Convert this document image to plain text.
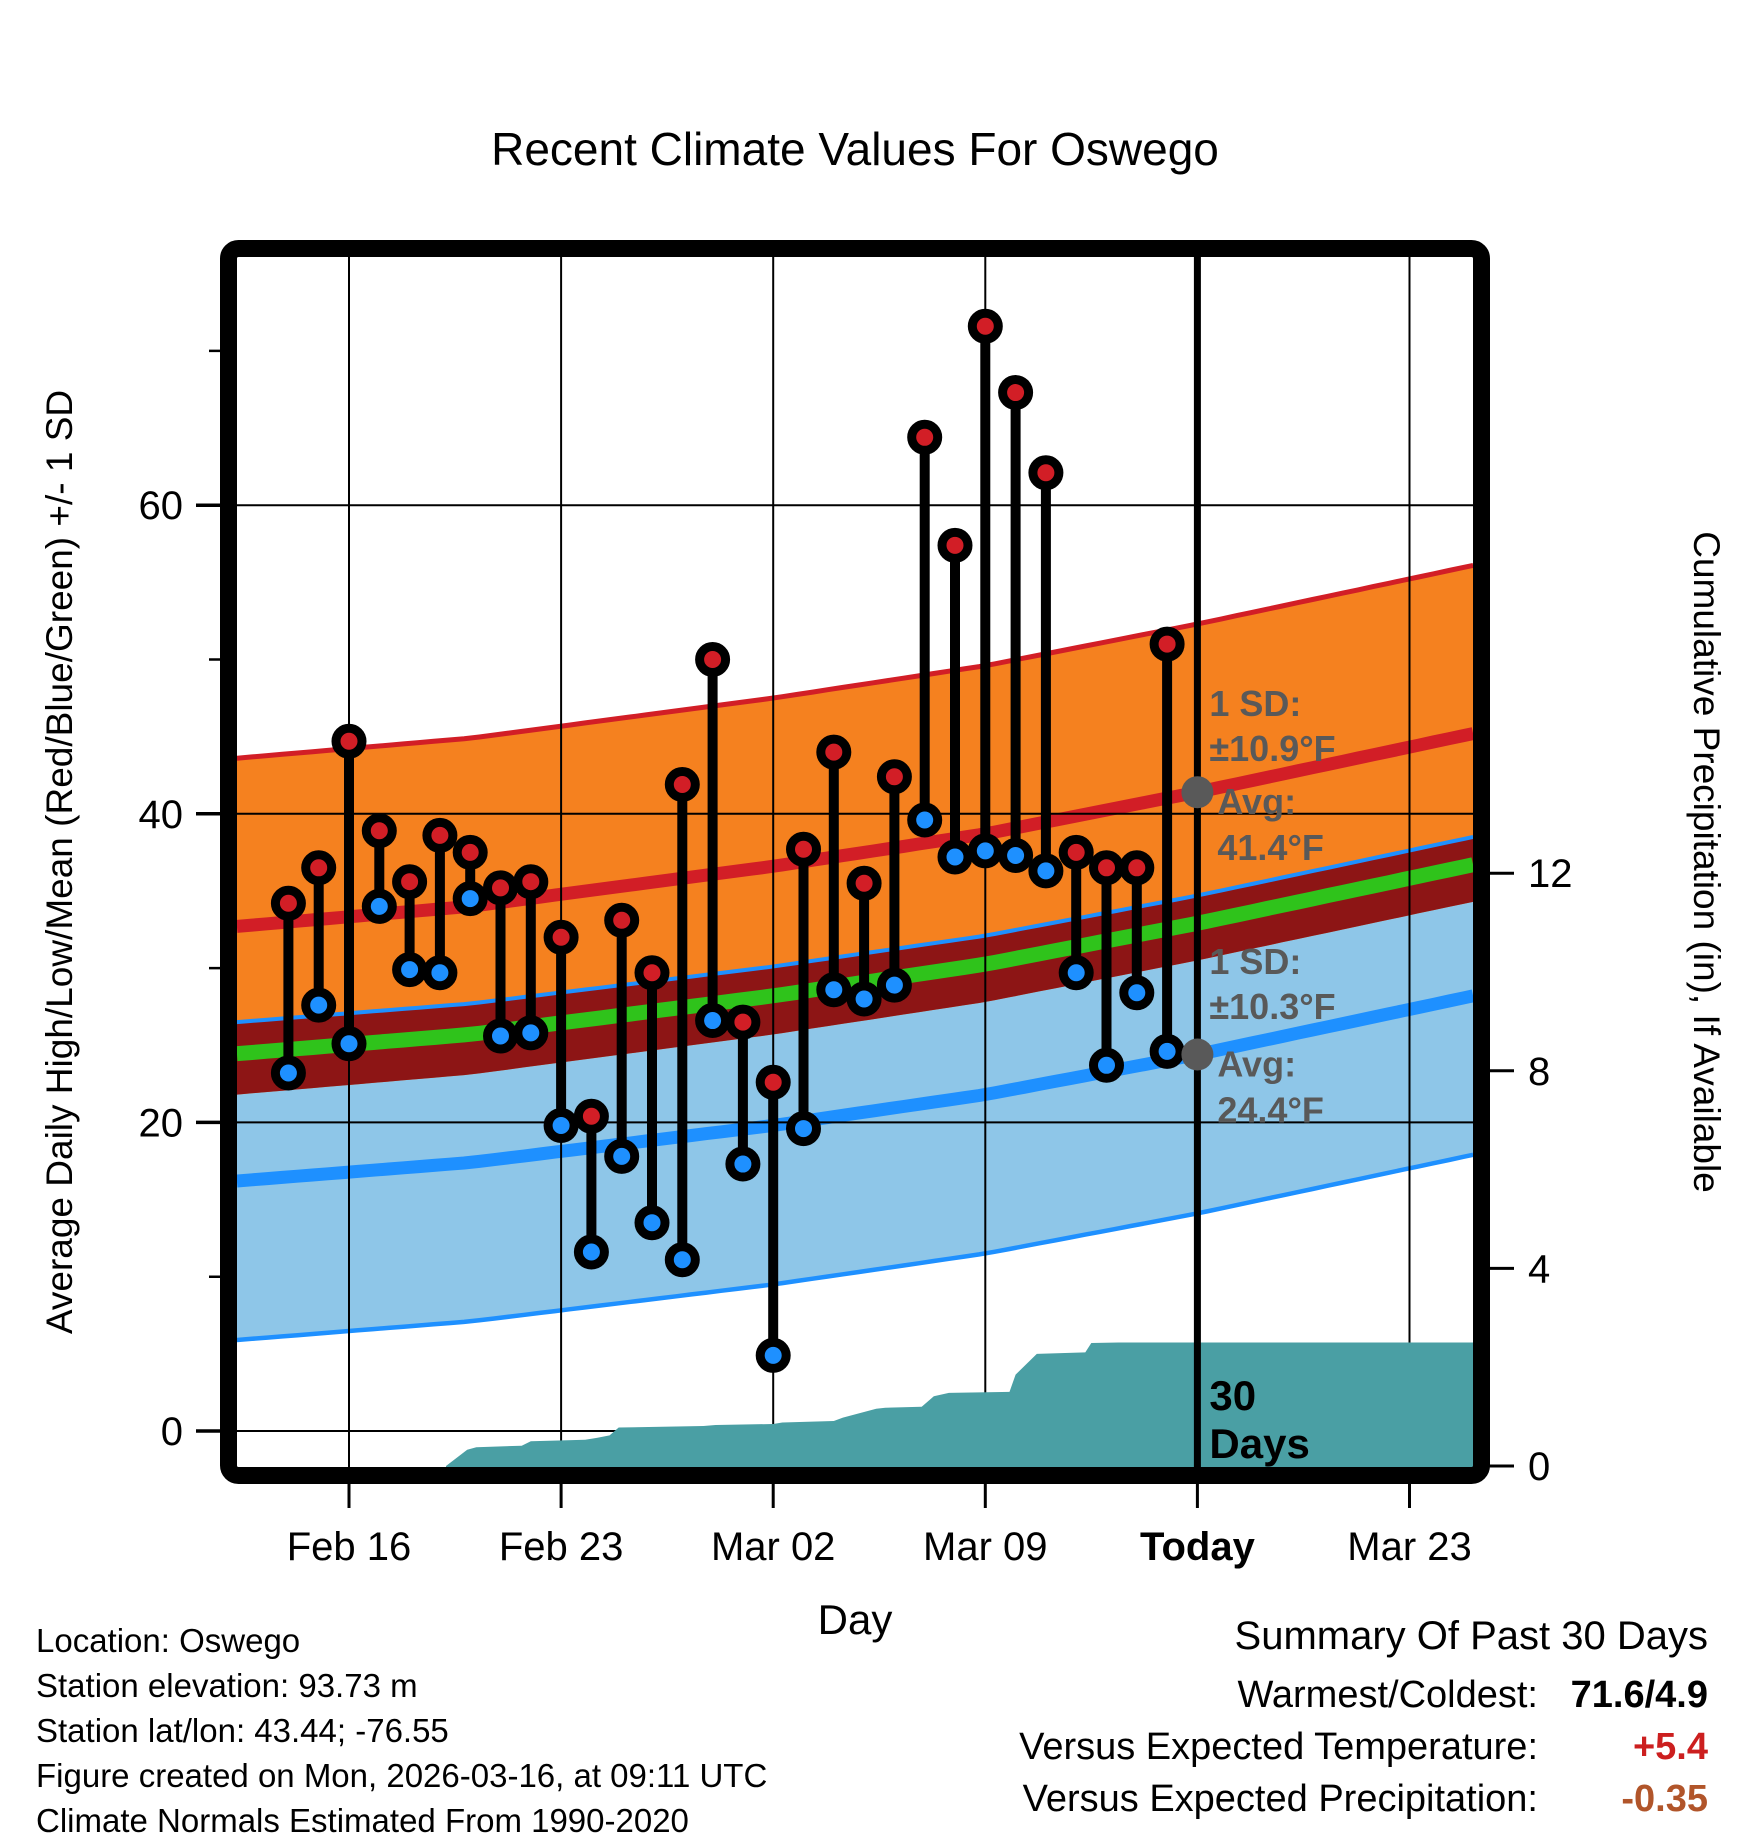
0
20
40
60
0
4
8
12
Feb 16 Feb 23 Mar 02 Mar 09 Today Mar 23
Recent Climate Values For Oswego
Day
Average Daily High/Low/Mean (Red/Blue/Green) +/- 1 SD	Cumulative Precipitation (in), If Available
1 SD:
±10.9°F
Avg:
41.4°F
1 SD:
±10.3°F
Avg:
24.4°F
30
Days
Location: Oswego
Station elevation: 93.73 m
Station lat/lon: 43.44; -76.55
Figure created on Mon, 2026-03-16, at 09:11 UTC
Climate Normals Estimated From 1990-2020
Summary Of Past 30 Days
Warmest/Coldest: 71.6/4.9
Versus Expected Temperature:	+5.4
Versus Expected Precipitation:	-0.35
